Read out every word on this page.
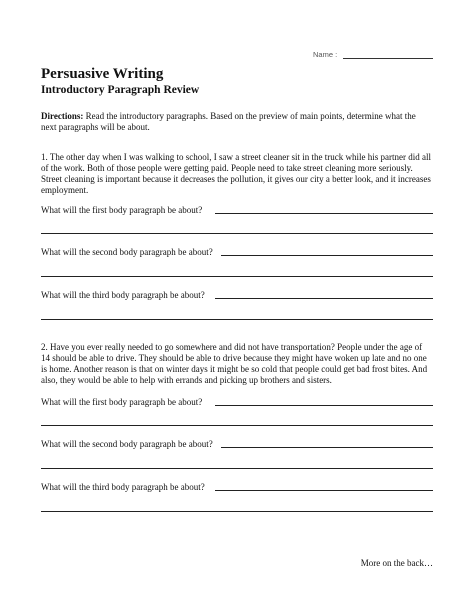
Name :
Persuasive Writing
Introductory Paragraph Review

Directions: Read the introductory paragraphs. Based on the preview of main points, determine what the next paragraphs will be about.

1. The other day when I was walking to school, I saw a street cleaner sit in the truck while his partner did all of the work. Both of those people were getting paid. People need to take street cleaning more seriously. Street cleaning is important because it decreases the pollution, it gives our city a better look, and it increases employment.

What will the first body paragraph be about?
What will the second body paragraph be about?
What will the third body paragraph be about?

2. Have you ever really needed to go somewhere and did not have transportation? People under the age of 14 should be able to drive. They should be able to drive because they might have woken up late and no one is home. Another reason is that on winter days it might be so cold that people could get bad frost bites. And also, they would be able to help with errands and picking up brothers and sisters.

What will the first body paragraph be about?
What will the second body paragraph be about?
What will the third body paragraph be about?
More on the back…
